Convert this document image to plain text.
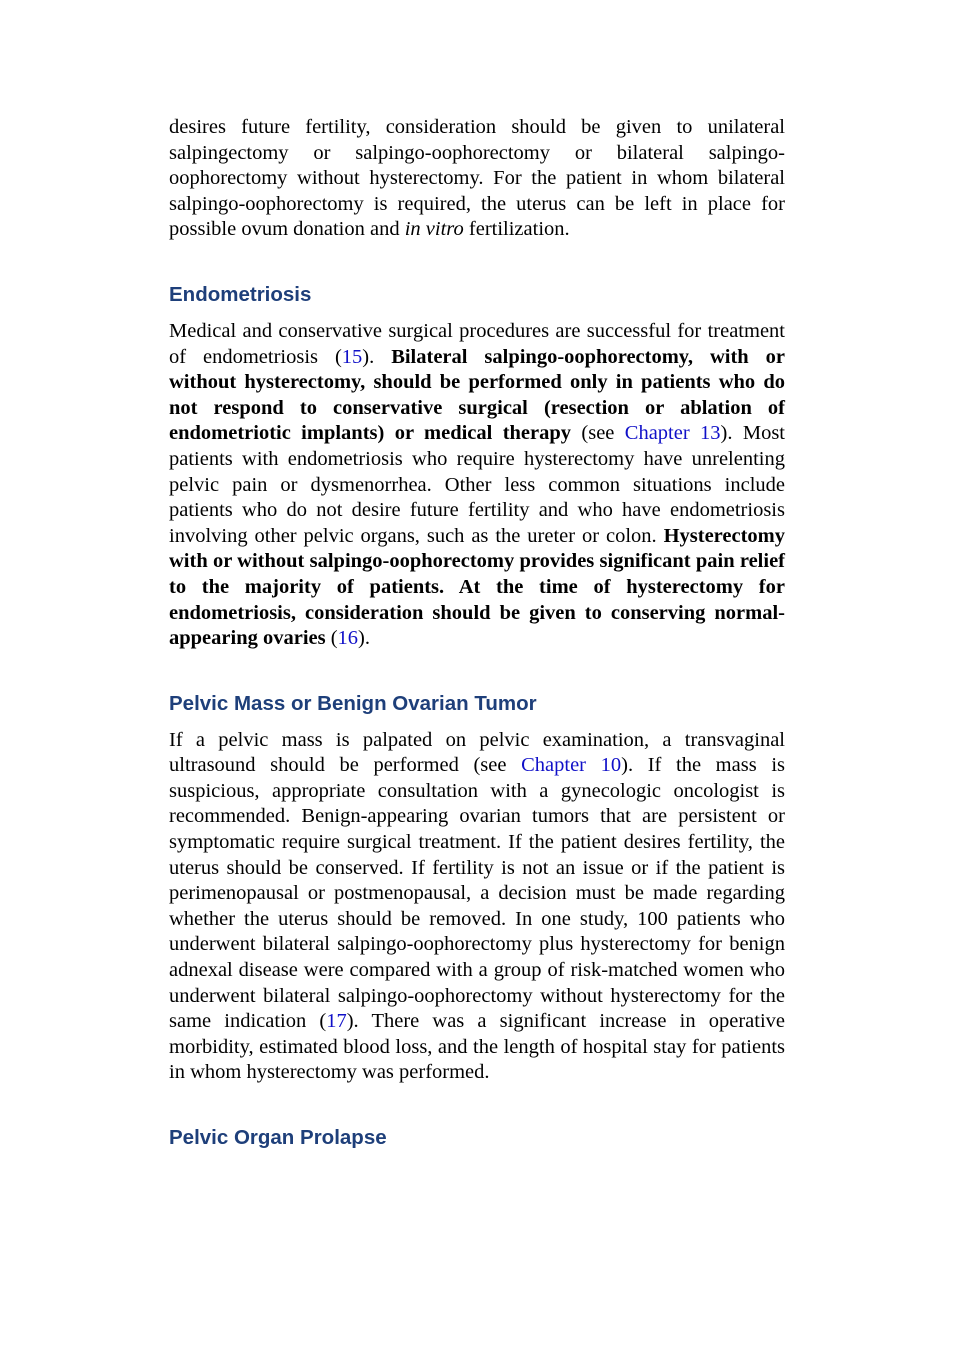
desires future fertility, consideration should be given to unilateral salpingectomy or salpingo-oophorectomy or bilateral salpingo-oophorectomy without hysterectomy. For the patient in whom bilateral salpingo-oophorectomy is required, the uterus can be left in place for possible ovum donation and in vitro fertilization.

Endometriosis

Medical and conservative surgical procedures are successful for treatment of endometriosis (15). Bilateral salpingo-oophorectomy, with or without hysterectomy, should be performed only in patients who do not respond to conservative surgical (resection or ablation of endometriotic implants) or medical therapy (see Chapter 13). Most patients with endometriosis who require hysterectomy have unrelenting pelvic pain or dysmenorrhea. Other less common situations include patients who do not desire future fertility and who have endometriosis involving other pelvic organs, such as the ureter or colon. Hysterectomy with or without salpingo-oophorectomy provides significant pain relief to the majority of patients. At the time of hysterectomy for endometriosis, consideration should be given to conserving normal-appearing ovaries (16).

Pelvic Mass or Benign Ovarian Tumor

If a pelvic mass is palpated on pelvic examination, a transvaginal ultrasound should be performed (see Chapter 10). If the mass is suspicious, appropriate consultation with a gynecologic oncologist is recommended. Benign-appearing ovarian tumors that are persistent or symptomatic require surgical treatment. If the patient desires fertility, the uterus should be conserved. If fertility is not an issue or if the patient is perimenopausal or postmenopausal, a decision must be made regarding whether the uterus should be removed. In one study, 100 patients who underwent bilateral salpingo-oophorectomy plus hysterectomy for benign adnexal disease were compared with a group of risk-matched women who underwent bilateral salpingo-oophorectomy without hysterectomy for the same indication (17). There was a significant increase in operative morbidity, estimated blood loss, and the length of hospital stay for patients in whom hysterectomy was performed.

Pelvic Organ Prolapse
